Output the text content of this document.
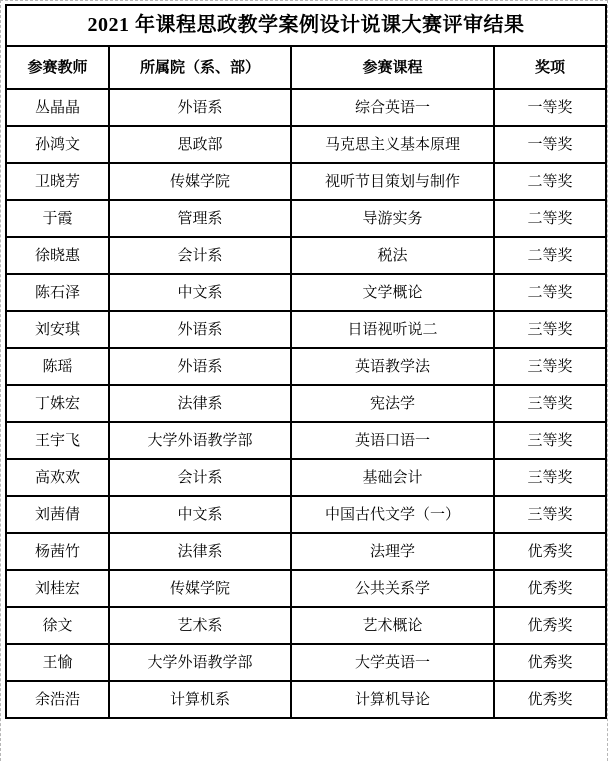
2021 年课程思政教学案例设计说课大赛评审结果			
参赛教师	所属院（系、部）	参赛课程	奖项
丛晶晶	外语系	综合英语一	一等奖
孙鸿文	思政部	马克思主义基本原理	一等奖
卫晓芳	传媒学院	视听节目策划与制作	二等奖
于霞	管理系	导游实务	二等奖
徐晓惠	会计系	税法	二等奖
陈石泽	中文系	文学概论	二等奖
刘安琪	外语系	日语视听说二	三等奖
陈瑶	外语系	英语教学法	三等奖
丁姝宏	法律系	宪法学	三等奖
王宇飞	大学外语教学部	英语口语一	三等奖
高欢欢	会计系	基础会计	三等奖
刘茜倩	中文系	中国古代文学（一）	三等奖
杨茜竹	法律系	法理学	优秀奖
刘桂宏	传媒学院	公共关系学	优秀奖
徐文	艺术系	艺术概论	优秀奖
王愉	大学外语教学部	大学英语一	优秀奖
余浩浩	计算机系	计算机导论	优秀奖
